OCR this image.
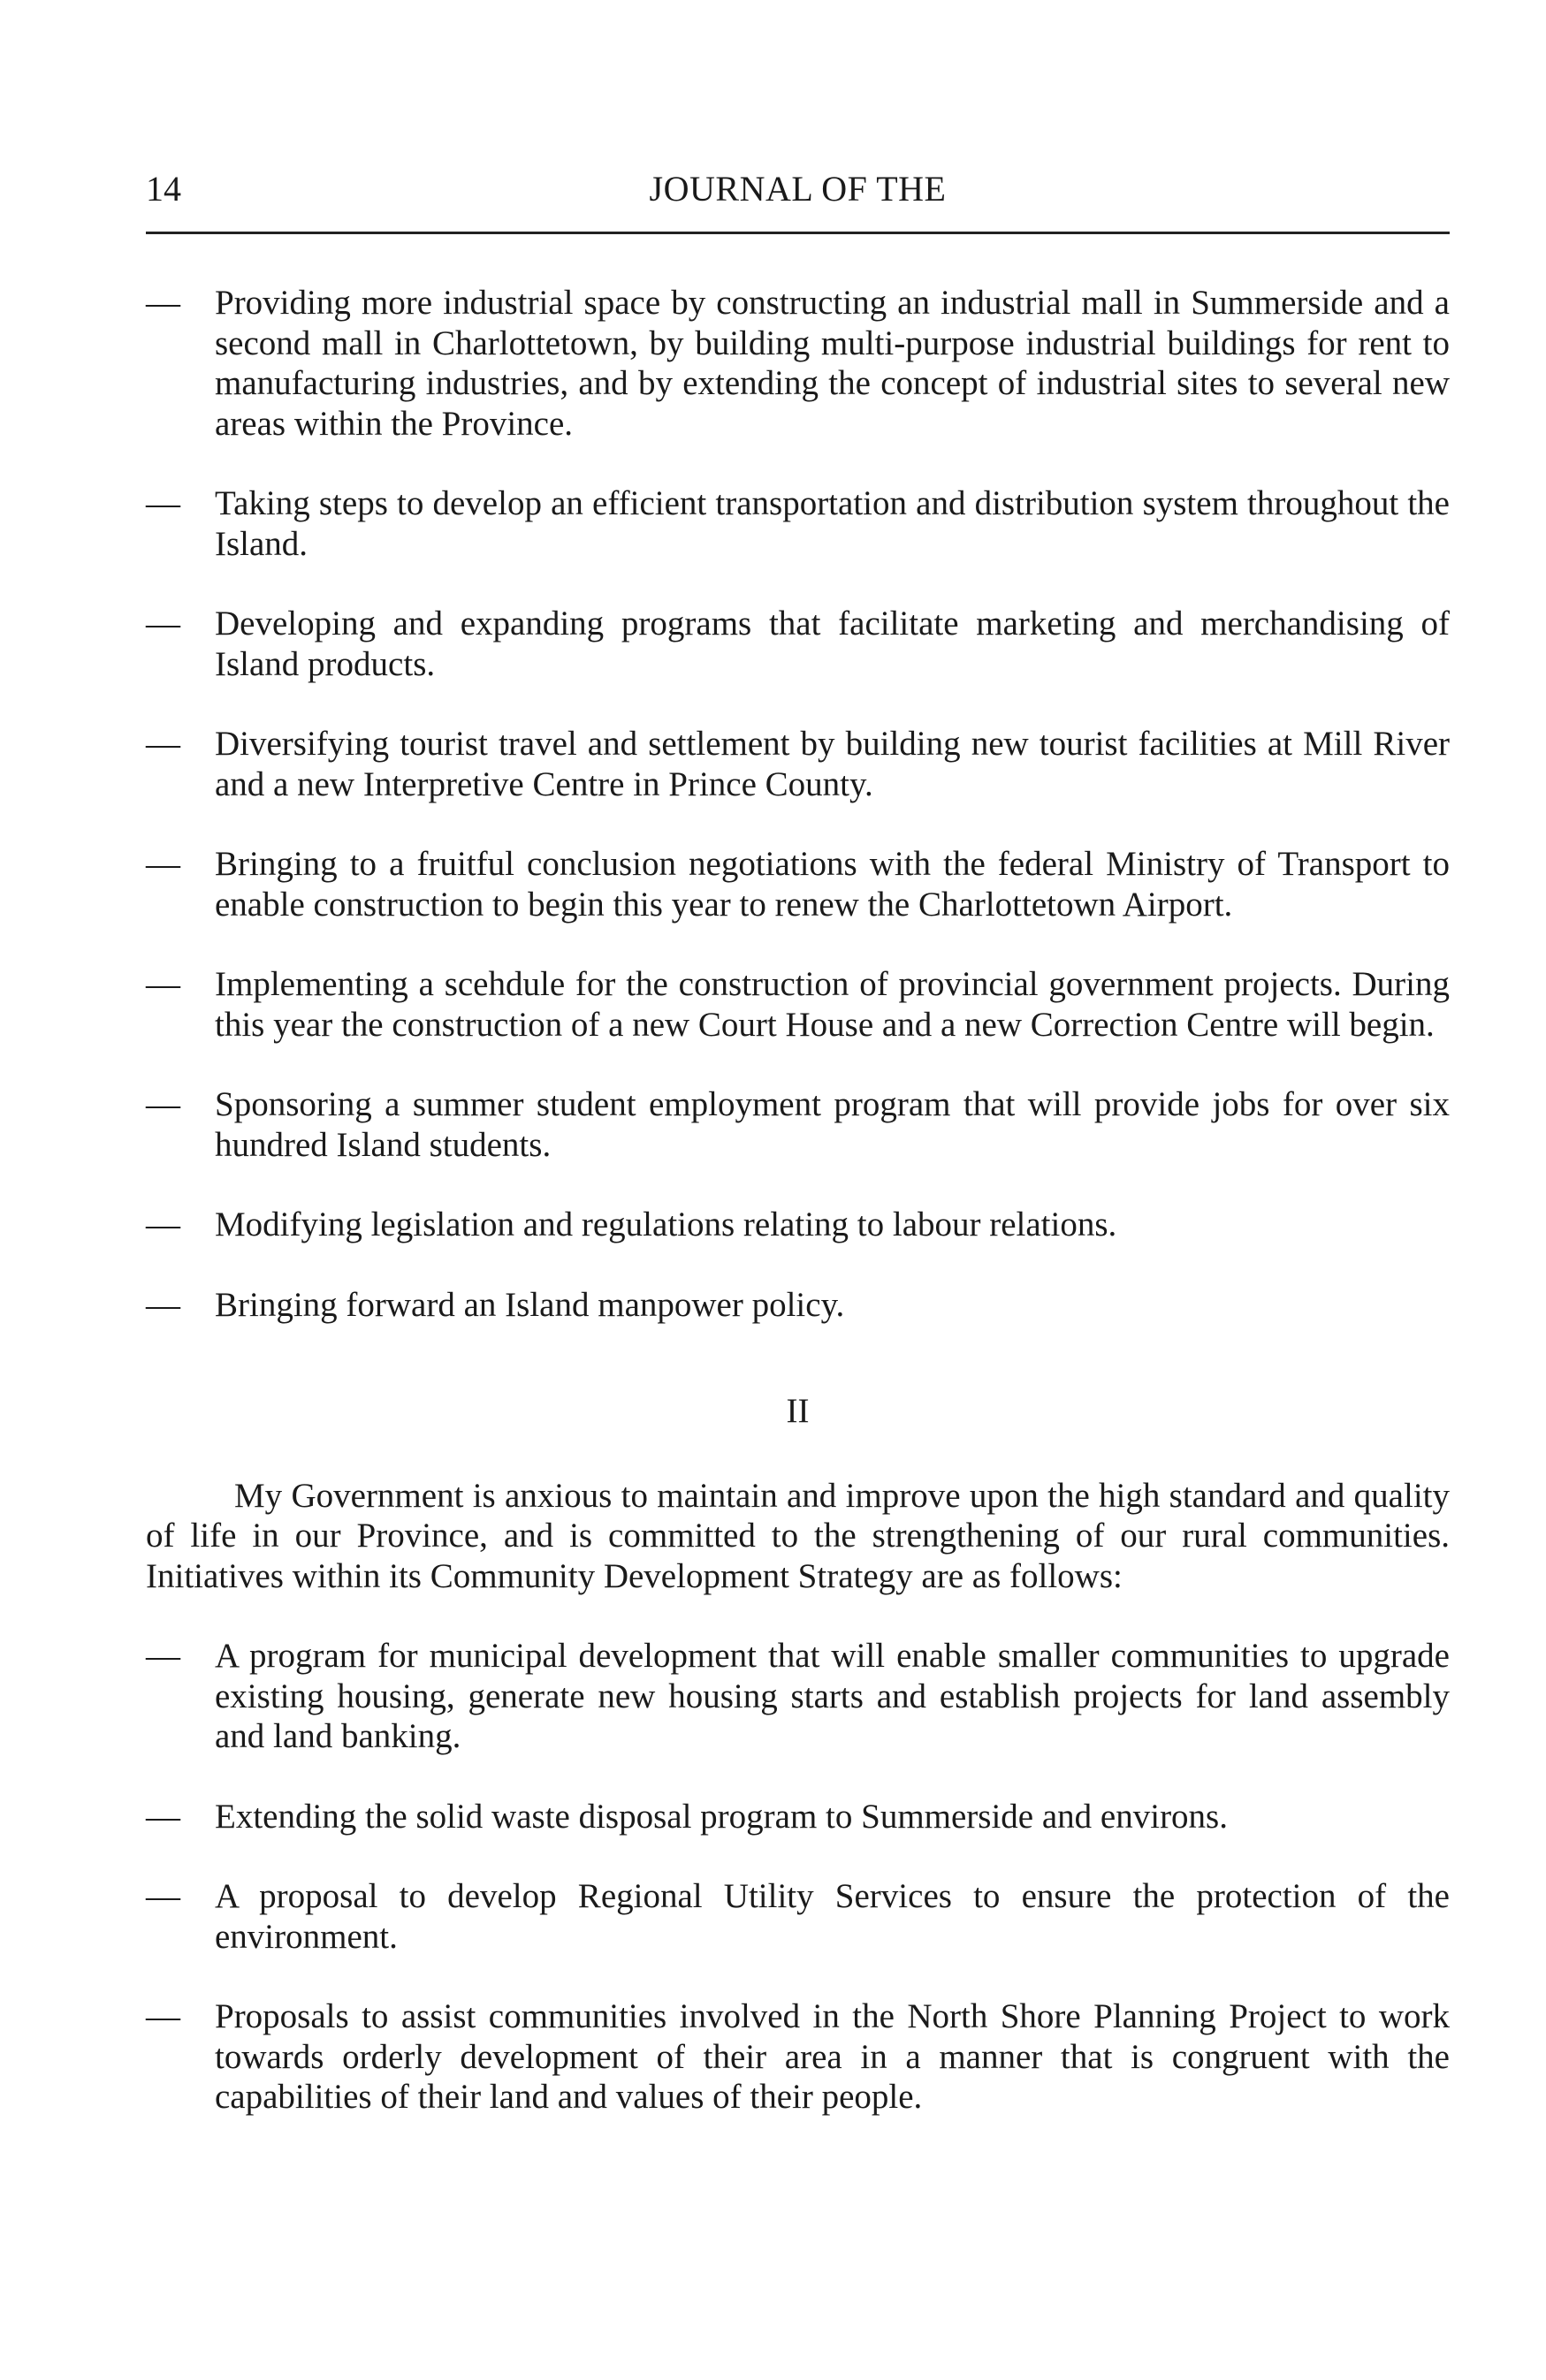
14	JOURNAL OF THE
—	Providing more industrial space by constructing an industrial mall in Summerside and a second mall in Charlottetown, by building multi-purpose industrial buildings for rent to manufacturing industries, and by extending the concept of industrial sites to several new areas within the Province.
—	Taking steps to develop an efficient transportation and distribution system throughout the Island.
—	Developing and expanding programs that facilitate marketing and merchandising of Island products.
—	Diversifying tourist travel and settlement by building new tourist facilities at Mill River and a new Interpretive Centre in Prince County.
—	Bringing to a fruitful conclusion negotiations with the federal Ministry of Transport to enable construction to begin this year to renew the Charlottetown Airport.
—	Implementing a scehdule for the construction of provincial government projects. During this year the construction of a new Court House and a new Correction Centre will begin.
—	Sponsoring a summer student employment program that will provide jobs for over six hundred Island students.
—	Modifying legislation and regulations relating to labour relations.
—	Bringing forward an Island manpower policy.
II

My Government is anxious to maintain and improve upon the high standard and quality of life in our Province, and is committed to the strengthening of our rural communities. Initiatives within its Community Development Strategy are as follows:

—	A program for municipal development that will enable smaller communities to upgrade existing housing, generate new housing starts and establish projects for land assembly and land banking.
—	Extending the solid waste disposal program to Summerside and environs.
—	A proposal to develop Regional Utility Services to ensure the protection of the environment.
—	Proposals to assist communities involved in the North Shore Planning Project to work towards orderly development of their area in a manner that is congruent with the capabilities of their land and values of their people.
